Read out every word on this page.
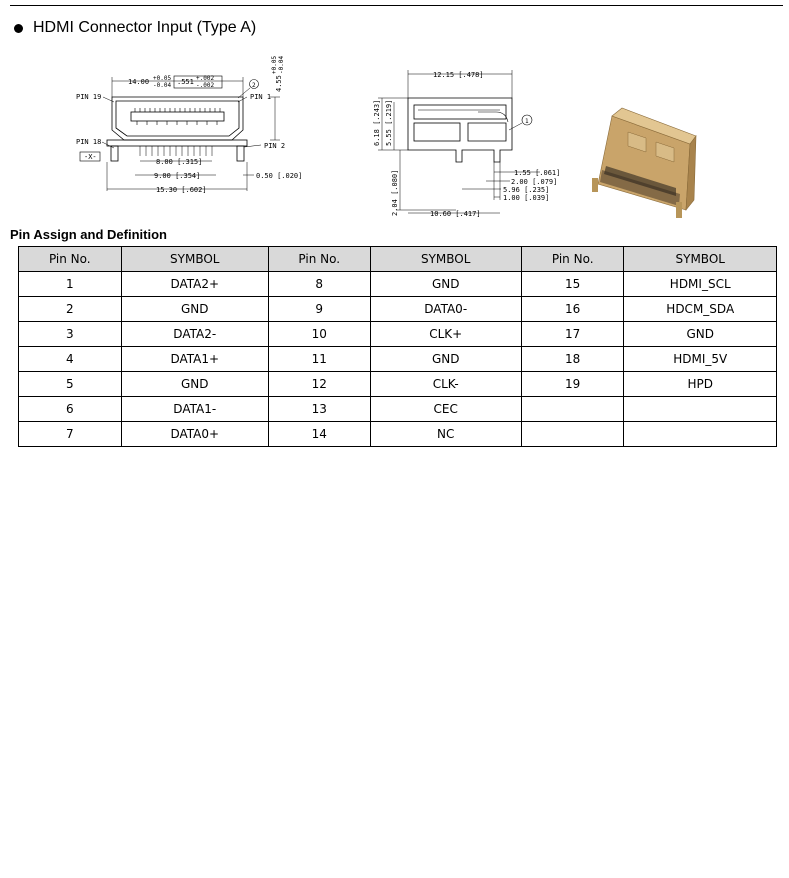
HDMI Connector Input (Type A)
PIN 19	PIN 1
PIN 18	PIN 2
-X-
14.00 +0.05
-0.04 .551 +.002
-.002	2	4.55
+0.05 -0.04
8.00 [.315]
9.00 [.354]	0.50 [.020]
15.30 [.602]
12.15 [.478]
6.18 [.243] 5.55 [.219]	1
1.55 [.061]
2.00 [.079]
5.96 [.235]
1.00 [.039]
2.04 [.080]	10.60 [.417]
Pin Assign and Definition
Pin No.	SYMBOL	Pin No.	SYMBOL	Pin No.	SYMBOL
1	DATA2+	8	GND	15	HDMI_SCL
2	GND	9	DATA0-	16	HDCM_SDA
3	DATA2-	10	CLK+	17	GND
4	DATA1+	11	GND	18	HDMI_5V
5	GND	12	CLK-	19	HPD
6	DATA1-	13	CEC		
7	DATA0+	14	NC		
